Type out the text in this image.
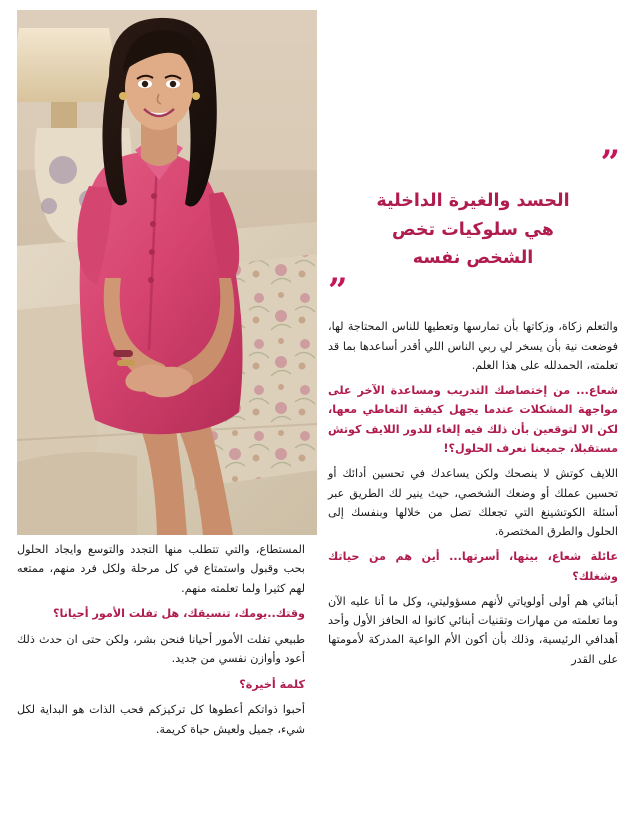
”
الحسد والغيرة الداخلية
هي سلوكيات تخص
الشخص نفسه
”

والتعلم زكاة، وزكاتها بأن تمارسها وتعطيها للناس المحتاجة لها، فوضعت نية بأن يسخر لي ربي الناس اللي أقدر أساعدها بما قد تعلمته، الحمدلله على هذا العلم.

شعاع... من إختصاصك التدريب ومساعدة الآخر على مواجهة المشكلات عندما يجهل كيفية التعاطي معها، لكن الا لتوقعين بأن ذلك فيه إلغاء للدور اللايف كوتش مستقبلا، جميعنا نعرف الحلول؟!

اللايف كوتش لا ينصحك ولكن يساعدك في تحسين أدائك أو تحسين عملك أو وضعك الشخصي، حيث ينير لك الطريق عبر أسئلة الكوتشينغ التي تجعلك تصل من خلالها وبنفسك إلى الحلول والطرق المختصرة.

عائلة شعاع، بيتها، أسرتها... أين هم من حياتك وشغلك؟

أبنائي هم أولى أولوياتي لأنهم مسؤوليتي، وكل ما أنا عليه الآن وما تعلمته من مهارات وتقنيات أبنائي كانوا له الحافز الأول وأحد أهدافي الرئيسية، وذلك بأن أكون الأم الواعية المدركة لأمومتها على القدر

المستطاع، والتي تتطلب منها التجدد والتوسع وايجاد الحلول بحب وقبول واستمتاع في كل مرحلة ولكل فرد منهم، ممتعه لهم كثيرا ولما تعلمته منهم.

وقتك..يومك، تنسيقك، هل تفلت الأمور أحيانا؟

طبيعي تفلت الأمور أحيانا فنحن بشر، ولكن حتى ان حدث ذلك أعود وأوازن نفسي من جديد.

كلمة أخيرة؟

أحبوا ذواتكم أعطوها كل تركيزكم فحب الذات هو البداية لكل شيء، جميل ولعيش حياة كريمة.
